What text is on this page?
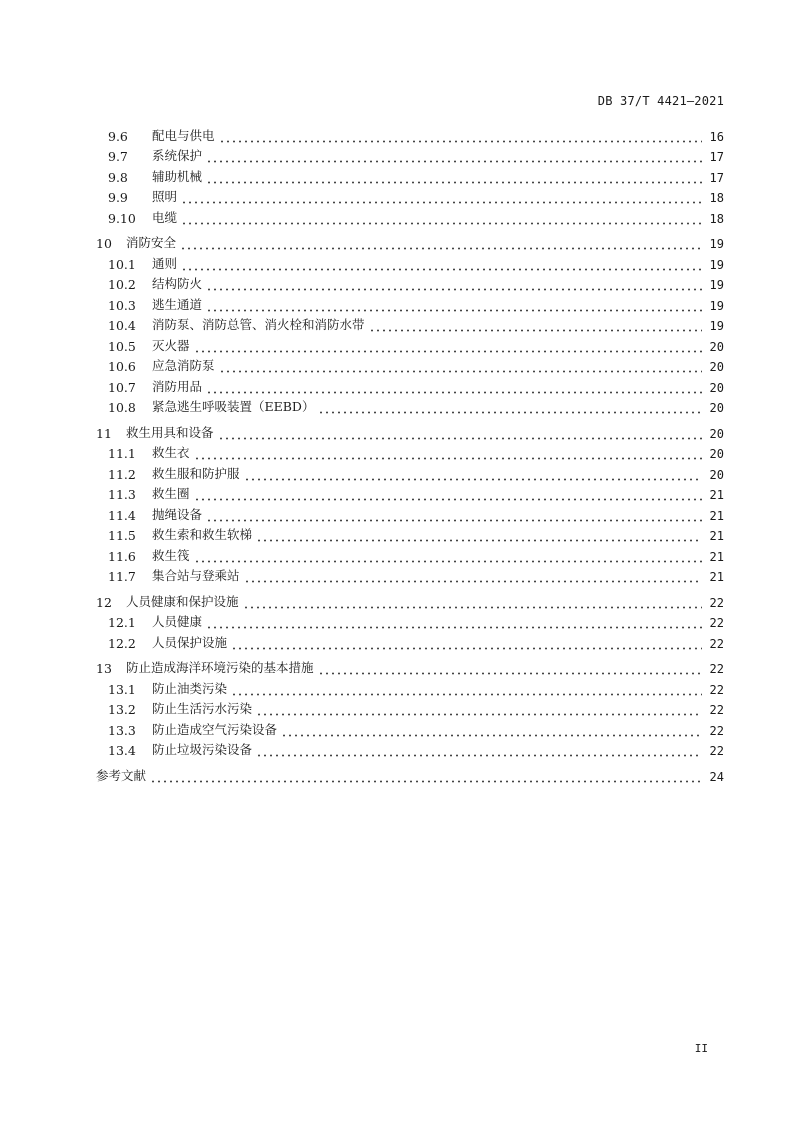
DB 37/T 4421—2021
9.6	配电与供电	16
9.7	系统保护	17
9.8	辅助机械	17
9.9	照明	18
9.10	电缆	18
10	消防安全	19
10.1	通则	19
10.2	结构防火	19
10.3	逃生通道	19
10.4	消防泵、消防总管、消火栓和消防水带	19
10.5	灭火器	20
10.6	应急消防泵	20
10.7	消防用品	20
10.8	紧急逃生呼吸装置（EEBD）	20
11	救生用具和设备	20
11.1	救生衣	20
11.2	救生服和防护服	20
11.3	救生圈	21
11.4	抛绳设备	21
11.5	救生索和救生软梯	21
11.6	救生筏	21
11.7	集合站与登乘站	21
12	人员健康和保护设施	22
12.1	人员健康	22
12.2	人员保护设施	22
13	防止造成海洋环境污染的基本措施	22
13.1	防止油类污染	22
13.2	防止生活污水污染	22
13.3	防止造成空气污染设备	22
13.4	防止垃圾污染设备	22
参考文献	24
II
